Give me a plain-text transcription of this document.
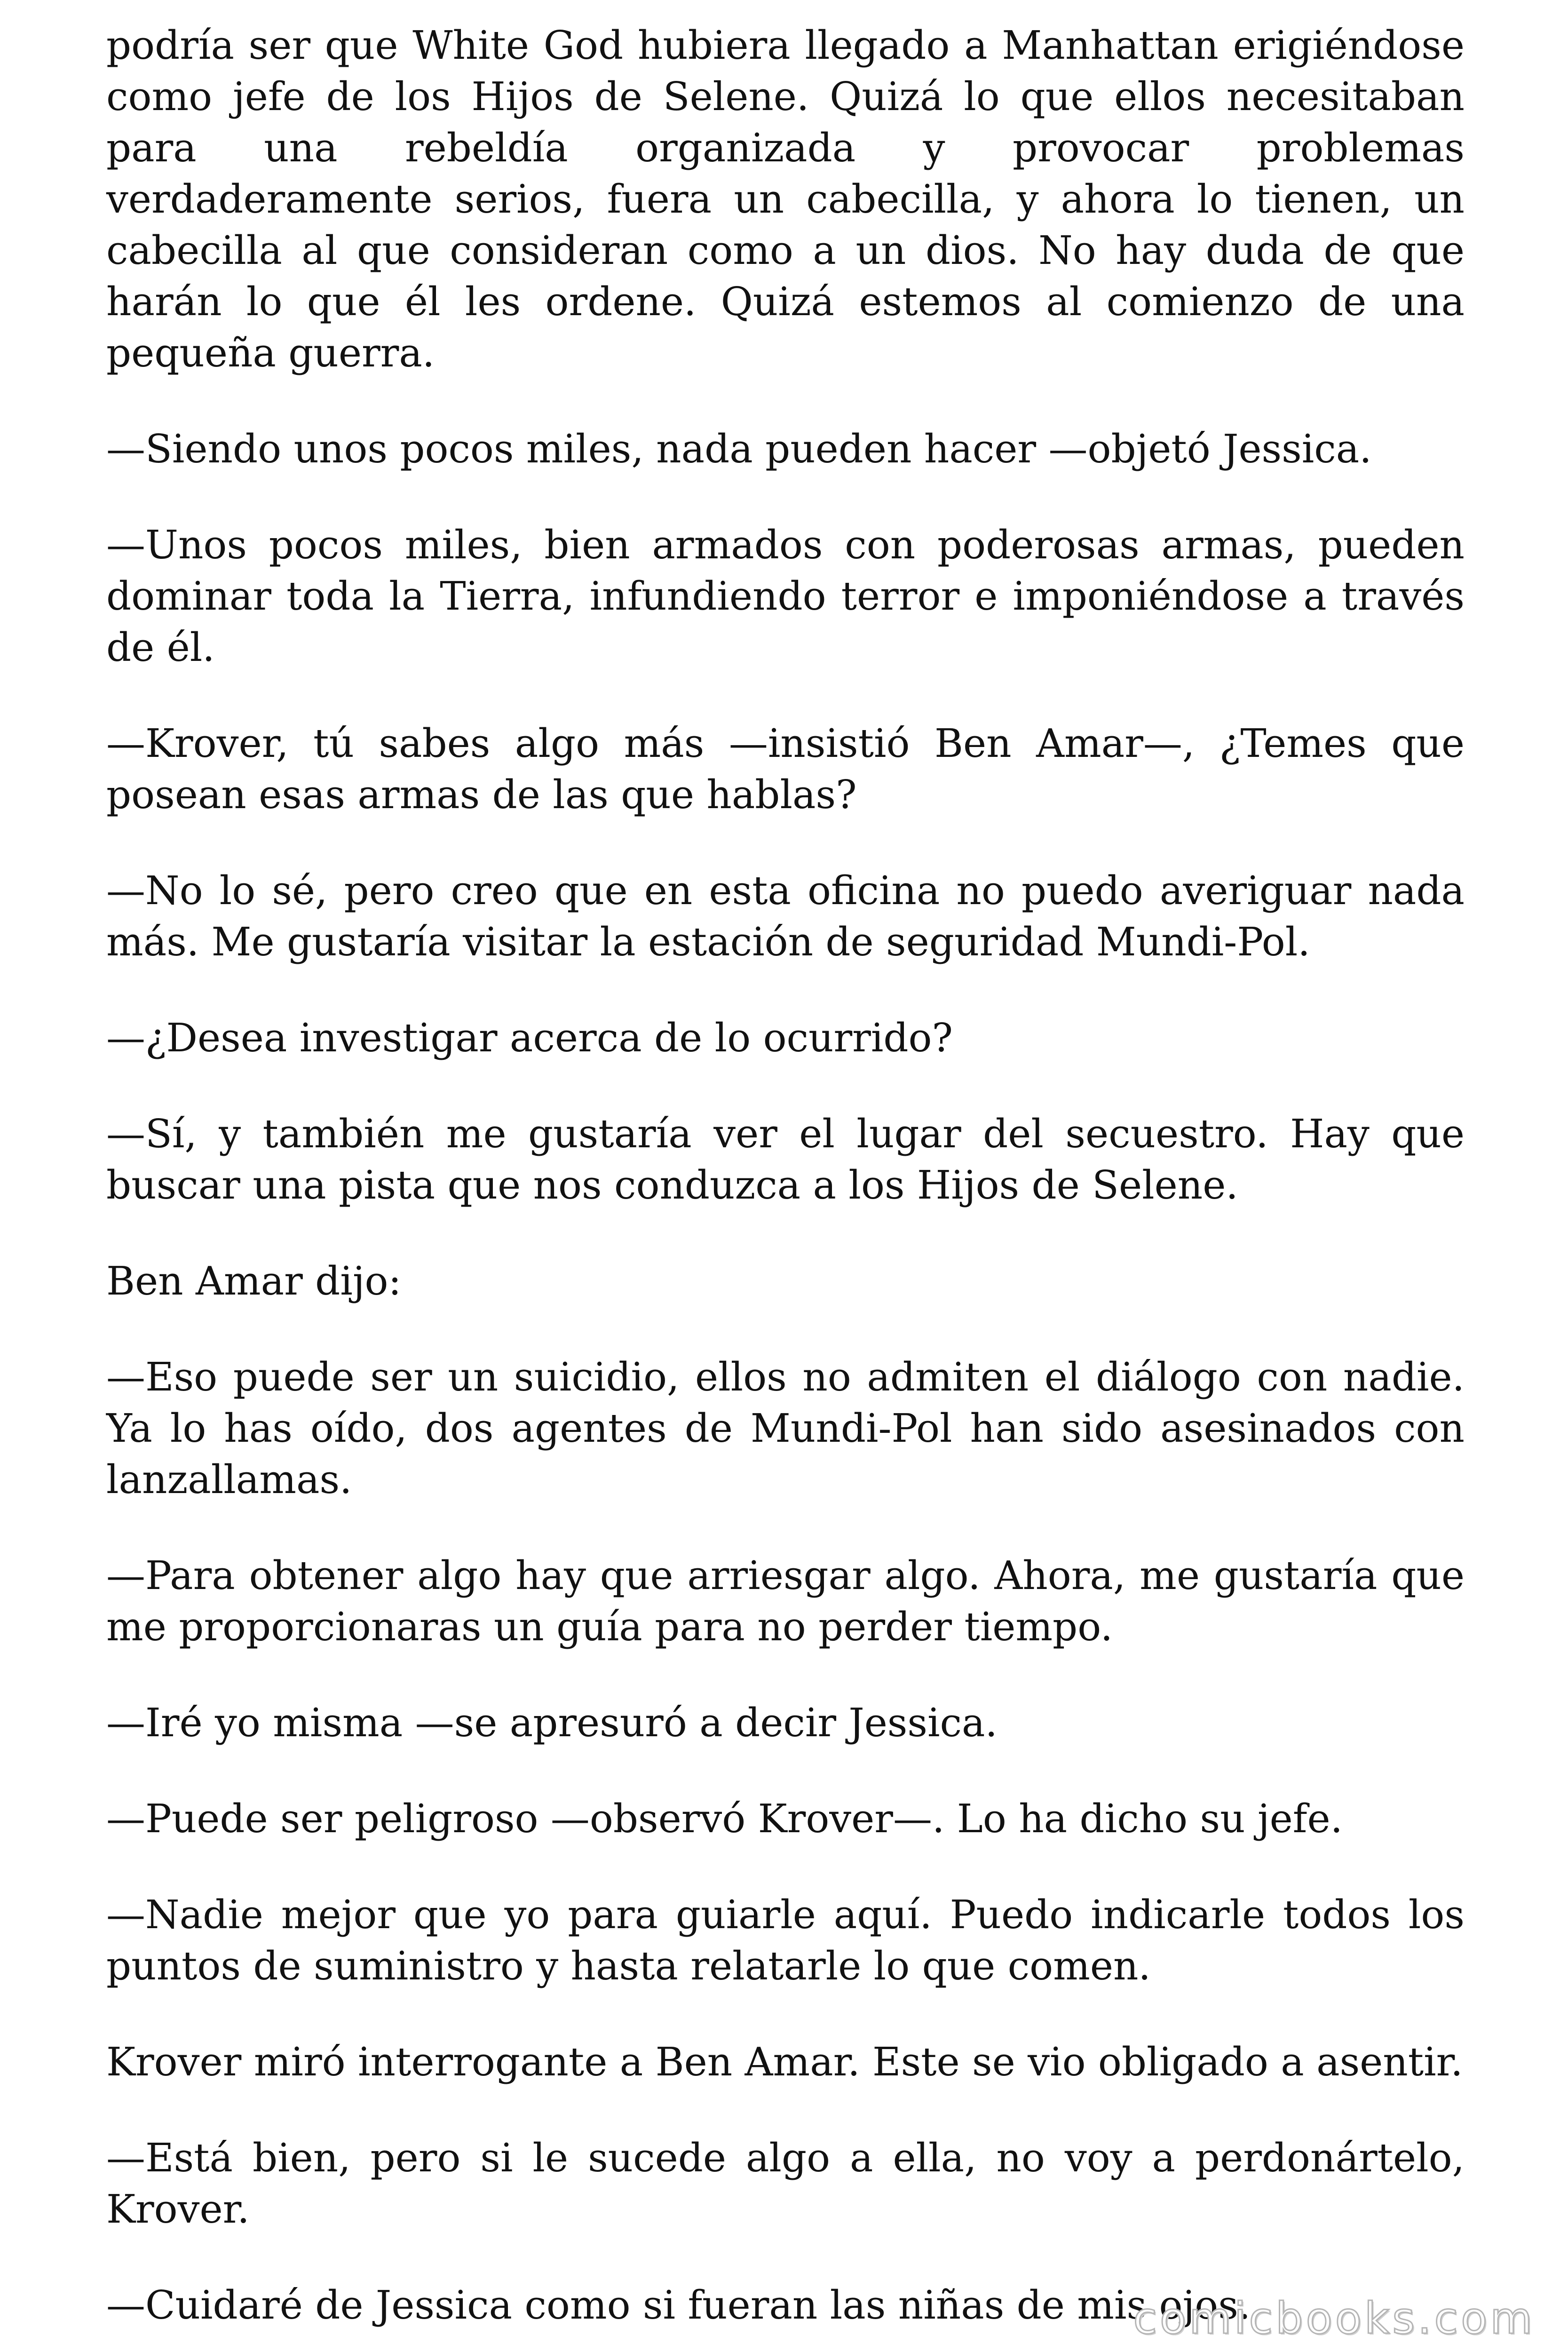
podría ser que White God hubiera llegado a Manhattan erigiéndose como jefe de los Hijos de Selene. Quizá lo que ellos necesitaban para una rebeldía organizada y provocar problemas verdaderamente serios, fuera un cabecilla, y ahora lo tienen, un cabecilla al que consideran como a un dios. No hay duda de que harán lo que él les ordene. Quizá estemos al comienzo de una pequeña guerra.

—Siendo unos pocos miles, nada pueden hacer —objetó Jessica.

—Unos pocos miles, bien armados con poderosas armas, pueden dominar toda la Tierra, infundiendo terror e imponiéndose a través de él.

—Krover, tú sabes algo más —insistió Ben Amar—, ¿Temes que posean esas armas de las que hablas?

—No lo sé, pero creo que en esta oficina no puedo averiguar nada más. Me gustaría visitar la estación de seguridad Mundi-Pol.

—¿Desea investigar acerca de lo ocurrido?

—Sí, y también me gustaría ver el lugar del secuestro. Hay que buscar una pista que nos conduzca a los Hijos de Selene.

Ben Amar dijo:

—Eso puede ser un suicidio, ellos no admiten el diálogo con nadie. Ya lo has oído, dos agentes de Mundi-Pol han sido asesinados con lanzallamas.

—Para obtener algo hay que arriesgar algo. Ahora, me gustaría que me proporcionaras un guía para no perder tiempo.

—Iré yo misma —se apresuró a decir Jessica.

—Puede ser peligroso —observó Krover—. Lo ha dicho su jefe.

—Nadie mejor que yo para guiarle aquí. Puedo indicarle todos los puntos de suministro y hasta relatarle lo que comen.

Krover miró interrogante a Ben Amar. Este se vio obligado a asentir.

—Está bien, pero si le sucede algo a ella, no voy a perdonártelo, Krover.

—Cuidaré de Jessica como si fueran las niñas de mis ojos.

comicbooks.com
